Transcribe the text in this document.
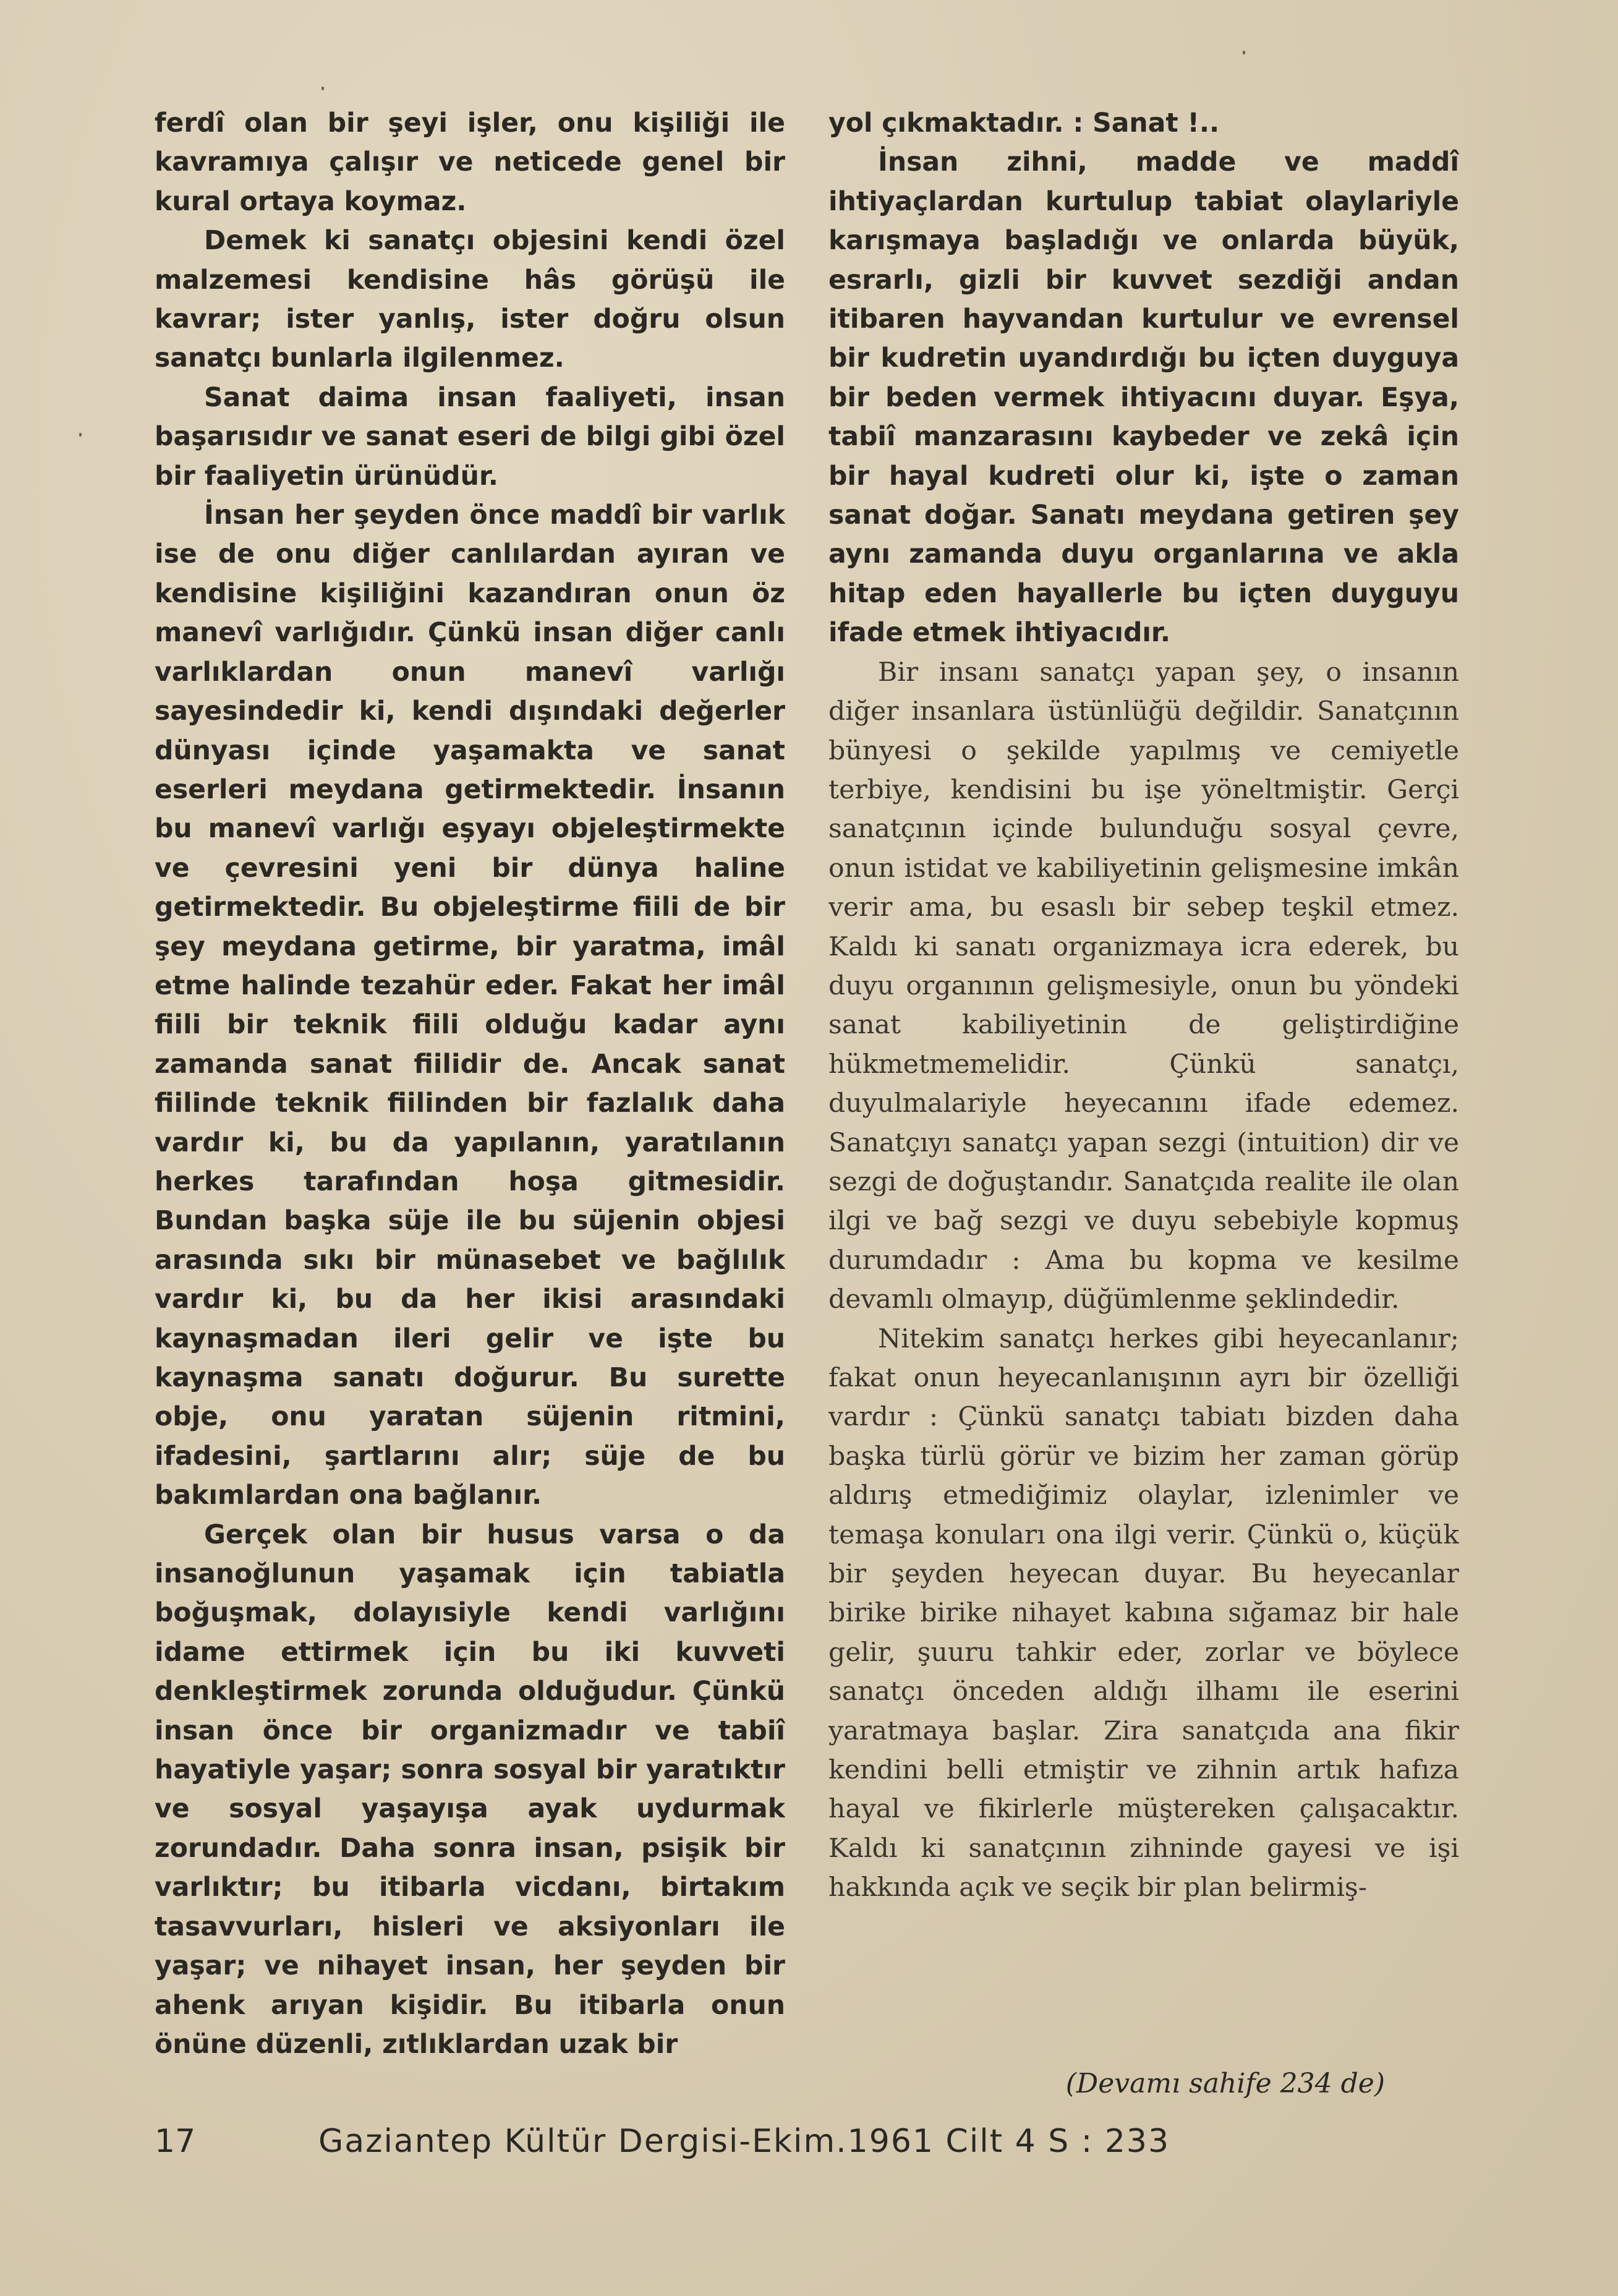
ferdî olan bir şeyi işler, onu kişiliği ile kavramıya çalışır ve neticede genel bir kural ortaya koymaz.

Demek ki sanatçı objesini kendi özel malzemesi kendisine hâs görüşü ile kavrar; ister yanlış, ister doğru olsun sanatçı bunlarla ilgilenmez.

Sanat daima insan faaliyeti, insan başarısıdır ve sanat eseri de bilgi gibi özel bir faaliyetin ürünüdür.

İnsan her şeyden önce maddî bir varlık ise de onu diğer canlılardan ayıran ve kendisine kişiliğini kazandıran onun öz manevî varlığıdır. Çünkü insan diğer canlı varlıklardan onun manevî varlığı sayesindedir ki, kendi dışındaki değerler dünyası içinde yaşamakta ve sanat eserleri meydana getirmektedir. İnsanın bu manevî varlığı eşyayı objeleştirmekte ve çevresini yeni bir dünya haline getirmektedir. Bu objeleştirme fiili de bir şey meydana getirme, bir yaratma, imâl etme halinde tezahür eder. Fakat her imâl fiili bir teknik fiili olduğu kadar aynı zamanda sanat fiilidir de. Ancak sanat fiilinde teknik fiilinden bir fazlalık daha vardır ki, bu da yapılanın, yaratılanın herkes tarafından hoşa gitmesidir. Bundan başka süje ile bu süjenin objesi arasında sıkı bir münasebet ve bağlılık vardır ki, bu da her ikisi arasındaki kaynaşmadan ileri gelir ve işte bu kaynaşma sanatı doğurur. Bu surette obje, onu yaratan süjenin ritmini, ifadesini, şartlarını alır; süje de bu bakımlardan ona bağlanır.

Gerçek olan bir husus varsa o da insanoğlunun yaşamak için tabiatla boğuşmak, dolayısiyle kendi varlığını idame ettirmek için bu iki kuvveti denkleştirmek zorunda olduğudur. Çünkü insan önce bir organizmadır ve tabiî hayatiyle yaşar; sonra sosyal bir yaratıktır ve sosyal yaşayışa ayak uydurmak zorundadır. Daha sonra insan, psişik bir varlıktır; bu itibarla vicdanı, birtakım tasavvurları, hisleri ve aksiyonları ile yaşar; ve nihayet insan, her şeyden bir ahenk arıyan kişidir. Bu itibarla onun önüne düzenli, zıtlıklardan uzak bir

yol çıkmaktadır. : Sanat !..

İnsan zihni, madde ve maddî ihtiyaçlardan kurtulup tabiat olaylariyle karışmaya başladığı ve onlarda büyük, esrarlı, gizli bir kuvvet sezdiği andan itibaren hayvandan kurtulur ve evrensel bir kudretin uyandırdığı bu içten duyguya bir beden vermek ihtiyacını duyar. Eşya, tabiî manzarasını kaybeder ve zekâ için bir hayal kudreti olur ki, işte o zaman sanat doğar. Sanatı meydana getiren şey aynı zamanda duyu organlarına ve akla hitap eden hayallerle bu içten duyguyu ifade etmek ihtiyacıdır.

Bir insanı sanatçı yapan şey, o insanın diğer insanlara üstünlüğü değildir. Sanatçının bünyesi o şekilde yapılmış ve cemiyetle terbiye, kendisini bu işe yöneltmiştir. Gerçi sanatçının içinde bulunduğu sosyal çevre, onun istidat ve kabiliyetinin gelişmesine imkân verir ama, bu esaslı bir sebep teşkil etmez. Kaldı ki sanatı organizmaya icra ederek, bu duyu organının gelişmesiyle, onun bu yöndeki sanat kabiliyetinin de geliştirdiğine hükmetmemelidir. Çünkü sanatçı, duyulmalariyle heyecanını ifade edemez. Sanatçıyı sanatçı yapan sezgi (intuition) dir ve sezgi de doğuştandır. Sanatçıda realite ile olan ilgi ve bağ sezgi ve duyu sebebiyle kopmuş durumdadır : Ama bu kopma ve kesilme devamlı olmayıp, düğümlenme şeklindedir.

Nitekim sanatçı herkes gibi heyecanlanır; fakat onun heyecanlanışının ayrı bir özelliği vardır : Çünkü sanatçı tabiatı bizden daha başka türlü görür ve bizim her zaman görüp aldırış etmediğimiz olaylar, izlenimler ve temaşa konuları ona ilgi verir. Çünkü o, küçük bir şeyden heyecan duyar. Bu heyecanlar birike birike nihayet kabına sığamaz bir hale gelir, şuuru tahkir eder, zorlar ve böylece sanatçı önceden aldığı ilhamı ile eserini yaratmaya başlar. Zira sanatçıda ana fikir kendini belli etmiştir ve zihnin artık hafıza hayal ve fikirlerle müştereken çalışacaktır. Kaldı ki sanatçının zihninde gayesi ve işi hakkında açık ve seçik bir plan belirmiş-

(Devamı sahife 234 de)
17	Gaziantep Kültür Dergisi-Ekim.1961 Cilt 4 S : 233
